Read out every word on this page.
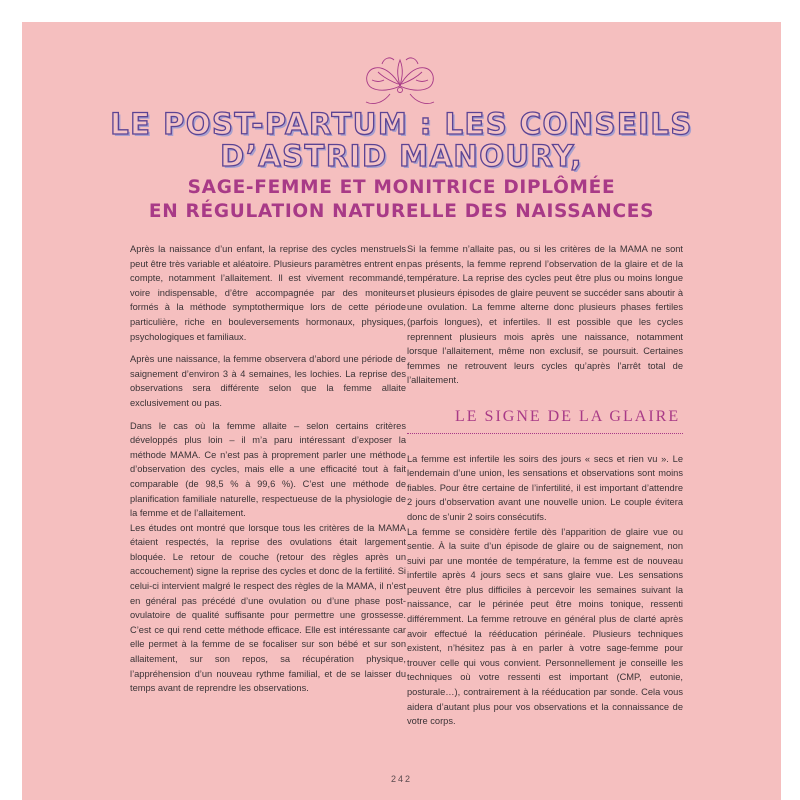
LE POST-PARTUM : LES CONSEILS
D’ASTRID MANOURY,
SAGE-FEMME ET MONITRICE DIPLÔMÉE
EN RÉGULATION NATURELLE DES NAISSANCES

Après la naissance d’un enfant, la reprise des cycles menstruels peut être très variable et aléatoire. Plusieurs paramètres entrent en compte, notamment l’allaitement. Il est vivement recommandé, voire indispensable, d’être accompagnée par des moniteurs formés à la méthode symptothermique lors de cette période particulière, riche en bouleversements hormonaux, physiques, psychologiques et familiaux.

Après une naissance, la femme observera d’abord une période de saignement d’environ 3 à 4 semaines, les lochies. La reprise des observations sera différente selon que la femme allaite exclusivement ou pas.

Dans le cas où la femme allaite – selon certains critères développés plus loin – il m’a paru intéressant d’exposer la méthode MAMA. Ce n’est pas à proprement parler une méthode d’observation des cycles, mais elle a une efficacité tout à fait comparable (de 98,5 % à 99,6 %). C’est une méthode de planification familiale naturelle, respectueuse de la physiologie de la femme et de l’allaitement.

Les études ont montré que lorsque tous les critères de la MAMA étaient respectés, la reprise des ovulations était largement bloquée. Le retour de couche (retour des règles après un accouchement) signe la reprise des cycles et donc de la fertilité. Si celui-ci intervient malgré le respect des règles de la MAMA, il n’est en général pas précédé d’une ovulation ou d’une phase post-ovulatoire de qualité suffisante pour permettre une grossesse. C’est ce qui rend cette méthode efficace. Elle est intéressante car elle permet à la femme de se focaliser sur son bébé et sur son allaitement, sur son repos, sa récupération physique, l’appréhension d’un nouveau rythme familial, et de se laisser du temps avant de reprendre les observations.

Si la femme n’allaite pas, ou si les critères de la MAMA ne sont pas présents, la femme reprend l’observation de la glaire et de la température. La reprise des cycles peut être plus ou moins longue et plusieurs épisodes de glaire peuvent se succéder sans aboutir à une ovulation. La femme alterne donc plusieurs phases fertiles (parfois longues), et infertiles. Il est possible que les cycles reprennent plusieurs mois après une naissance, notamment lorsque l’allaitement, même non exclusif, se poursuit. Certaines femmes ne retrouvent leurs cycles qu’après l’arrêt total de l’allaitement.

LE SIGNE DE LA GLAIRE

La femme est infertile les soirs des jours « secs et rien vu ». Le lendemain d’une union, les sensations et observations sont moins fiables. Pour être certaine de l’infertilité, il est important d’attendre 2 jours d’observation avant une nouvelle union. Le couple évitera donc de s’unir 2 soirs consécutifs.

La femme se considère fertile dès l’apparition de glaire vue ou sentie. À la suite d’un épisode de glaire ou de saignement, non suivi par une montée de température, la femme est de nouveau infertile après 4 jours secs et sans glaire vue. Les sensations peuvent être plus difficiles à percevoir les semaines suivant la naissance, car le périnée peut être moins tonique, ressenti différemment. La femme retrouve en général plus de clarté après avoir effectué la rééducation périnéale. Plusieurs techniques existent, n’hésitez pas à en parler à votre sage-femme pour trouver celle qui vous convient. Personnellement je conseille les techniques où votre ressenti est important (CMP, eutonie, posturale…), contrairement à la rééducation par sonde. Cela vous aidera d’autant plus pour vos observations et la connaissance de votre corps.

242
